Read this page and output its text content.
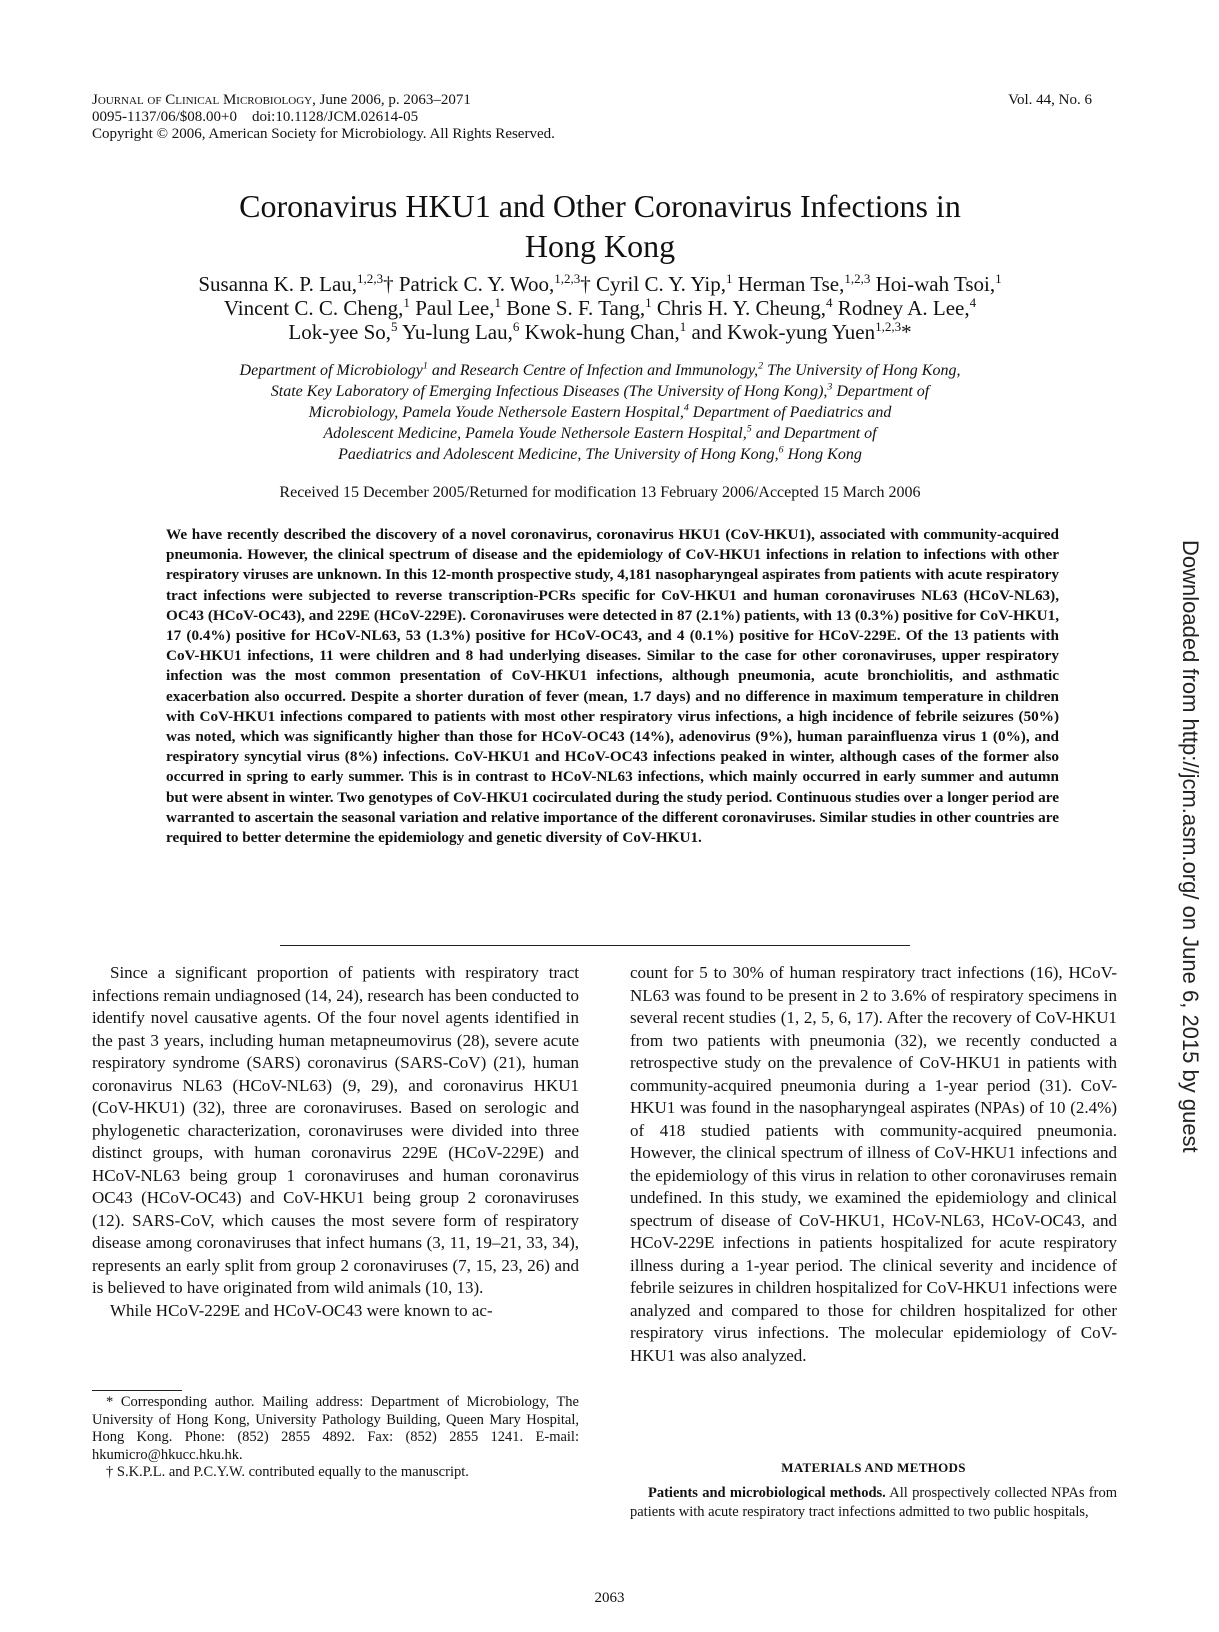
Journal of Clinical Microbiology, June 2006, p. 2063–2071
0095-1137/06/$08.00+0    doi:10.1128/JCM.02614-05
Copyright © 2006, American Society for Microbiology. All Rights Reserved.
Vol. 44, No. 6
Coronavirus HKU1 and Other Coronavirus Infections in
Hong Kong
Susanna K. P. Lau,$^{1,2,3}$† Patrick C. Y. Woo,$^{1,2,3}$† Cyril C. Y. Yip,$^1$ Herman Tse,$^{1,2,3}$ Hoi-wah Tsoi,$^1$
Vincent C. C. Cheng,$^1$ Paul Lee,$^1$ Bone S. F. Tang,$^1$ Chris H. Y. Cheung,$^4$ Rodney A. Lee,$^4$
Lok-yee So,$^5$ Yu-lung Lau,$^6$ Kwok-hung Chan,$^1$ and Kwok-yung Yuen$^{1,2,3}$*
Department of Microbiology$^1$ and Research Centre of Infection and Immunology,$^2$ The University of Hong Kong,
State Key Laboratory of Emerging Infectious Diseases (The University of Hong Kong),$^3$ Department of
Microbiology, Pamela Youde Nethersole Eastern Hospital,$^4$ Department of Paediatrics and
Adolescent Medicine, Pamela Youde Nethersole Eastern Hospital,$^5$ and Department of
Paediatrics and Adolescent Medicine, The University of Hong Kong,$^6$ Hong Kong
Received 15 December 2005/Returned for modification 13 February 2006/Accepted 15 March 2006
We have recently described the discovery of a novel coronavirus, coronavirus HKU1 (CoV-HKU1), associated with community-acquired pneumonia. However, the clinical spectrum of disease and the epidemiology of CoV-HKU1 infections in relation to infections with other respiratory viruses are unknown. In this 12-month prospective study, 4,181 nasopharyngeal aspirates from patients with acute respiratory tract infections were subjected to reverse transcription-PCRs specific for CoV-HKU1 and human coronaviruses NL63 (HCoV-NL63), OC43 (HCoV-OC43), and 229E (HCoV-229E). Coronaviruses were detected in 87 (2.1%) patients, with 13 (0.3%) positive for CoV-HKU1, 17 (0.4%) positive for HCoV-NL63, 53 (1.3%) positive for HCoV-OC43, and 4 (0.1%) positive for HCoV-229E. Of the 13 patients with CoV-HKU1 infections, 11 were children and 8 had underlying diseases. Similar to the case for other coronaviruses, upper respiratory infection was the most common presentation of CoV-HKU1 infections, although pneumonia, acute bronchiolitis, and asthmatic exacerbation also occurred. Despite a shorter duration of fever (mean, 1.7 days) and no difference in maximum temperature in children with CoV-HKU1 infections compared to patients with most other respiratory virus infections, a high incidence of febrile seizures (50%) was noted, which was significantly higher than those for HCoV-OC43 (14%), adenovirus (9%), human parainfluenza virus 1 (0%), and respiratory syncytial virus (8%) infections. CoV-HKU1 and HCoV-OC43 infections peaked in winter, although cases of the former also occurred in spring to early summer. This is in contrast to HCoV-NL63 infections, which mainly occurred in early summer and autumn but were absent in winter. Two genotypes of CoV-HKU1 cocirculated during the study period. Continuous studies over a longer period are warranted to ascertain the seasonal variation and relative importance of the different coronaviruses. Similar studies in other countries are required to better determine the epidemiology and genetic diversity of CoV-HKU1.

Since a significant proportion of patients with respiratory tract infections remain undiagnosed (14, 24), research has been conducted to identify novel causative agents. Of the four novel agents identified in the past 3 years, including human metapneumovirus (28), severe acute respiratory syndrome (SARS) coronavirus (SARS-CoV) (21), human coronavirus NL63 (HCoV-NL63) (9, 29), and coronavirus HKU1 (CoV-HKU1) (32), three are coronaviruses. Based on serologic and phylogenetic characterization, coronaviruses were divided into three distinct groups, with human coronavirus 229E (HCoV-229E) and HCoV-NL63 being group 1 coronaviruses and human coronavirus OC43 (HCoV-OC43) and CoV-HKU1 being group 2 coronaviruses (12). SARS-CoV, which causes the most severe form of respiratory disease among coronaviruses that infect humans (3, 11, 19–21, 33, 34), represents an early split from group 2 coronaviruses (7, 15, 23, 26) and is believed to have originated from wild animals (10, 13).

While HCoV-229E and HCoV-OC43 were known to ac-

count for 5 to 30% of human respiratory tract infections (16), HCoV-NL63 was found to be present in 2 to 3.6% of respiratory specimens in several recent studies (1, 2, 5, 6, 17). After the recovery of CoV-HKU1 from two patients with pneumonia (32), we recently conducted a retrospective study on the prevalence of CoV-HKU1 in patients with community-acquired pneumonia during a 1-year period (31). CoV-HKU1 was found in the nasopharyngeal aspirates (NPAs) of 10 (2.4%) of 418 studied patients with community-acquired pneumonia. However, the clinical spectrum of illness of CoV-HKU1 infections and the epidemiology of this virus in relation to other coronaviruses remain undefined. In this study, we examined the epidemiology and clinical spectrum of disease of CoV-HKU1, HCoV-NL63, HCoV-OC43, and HCoV-229E infections in patients hospitalized for acute respiratory illness during a 1-year period. The clinical severity and incidence of febrile seizures in children hospitalized for CoV-HKU1 infections were analyzed and compared to those for children hospitalized for other respiratory virus infections. The molecular epidemiology of CoV-HKU1 was also analyzed.

* Corresponding author. Mailing address: Department of Microbiology, The University of Hong Kong, University Pathology Building, Queen Mary Hospital, Hong Kong. Phone: (852) 2855 4892. Fax: (852) 2855 1241. E-mail: hkumicro@hkucc.hku.hk.

† S.K.P.L. and P.C.Y.W. contributed equally to the manuscript.	MATERIALS AND METHODS
Patients and microbiological methods. All prospectively collected NPAs from patients with acute respiratory tract infections admitted to two public hospitals,
2063
Downloaded from http://jcm.asm.org/ on June 6, 2015 by guest
